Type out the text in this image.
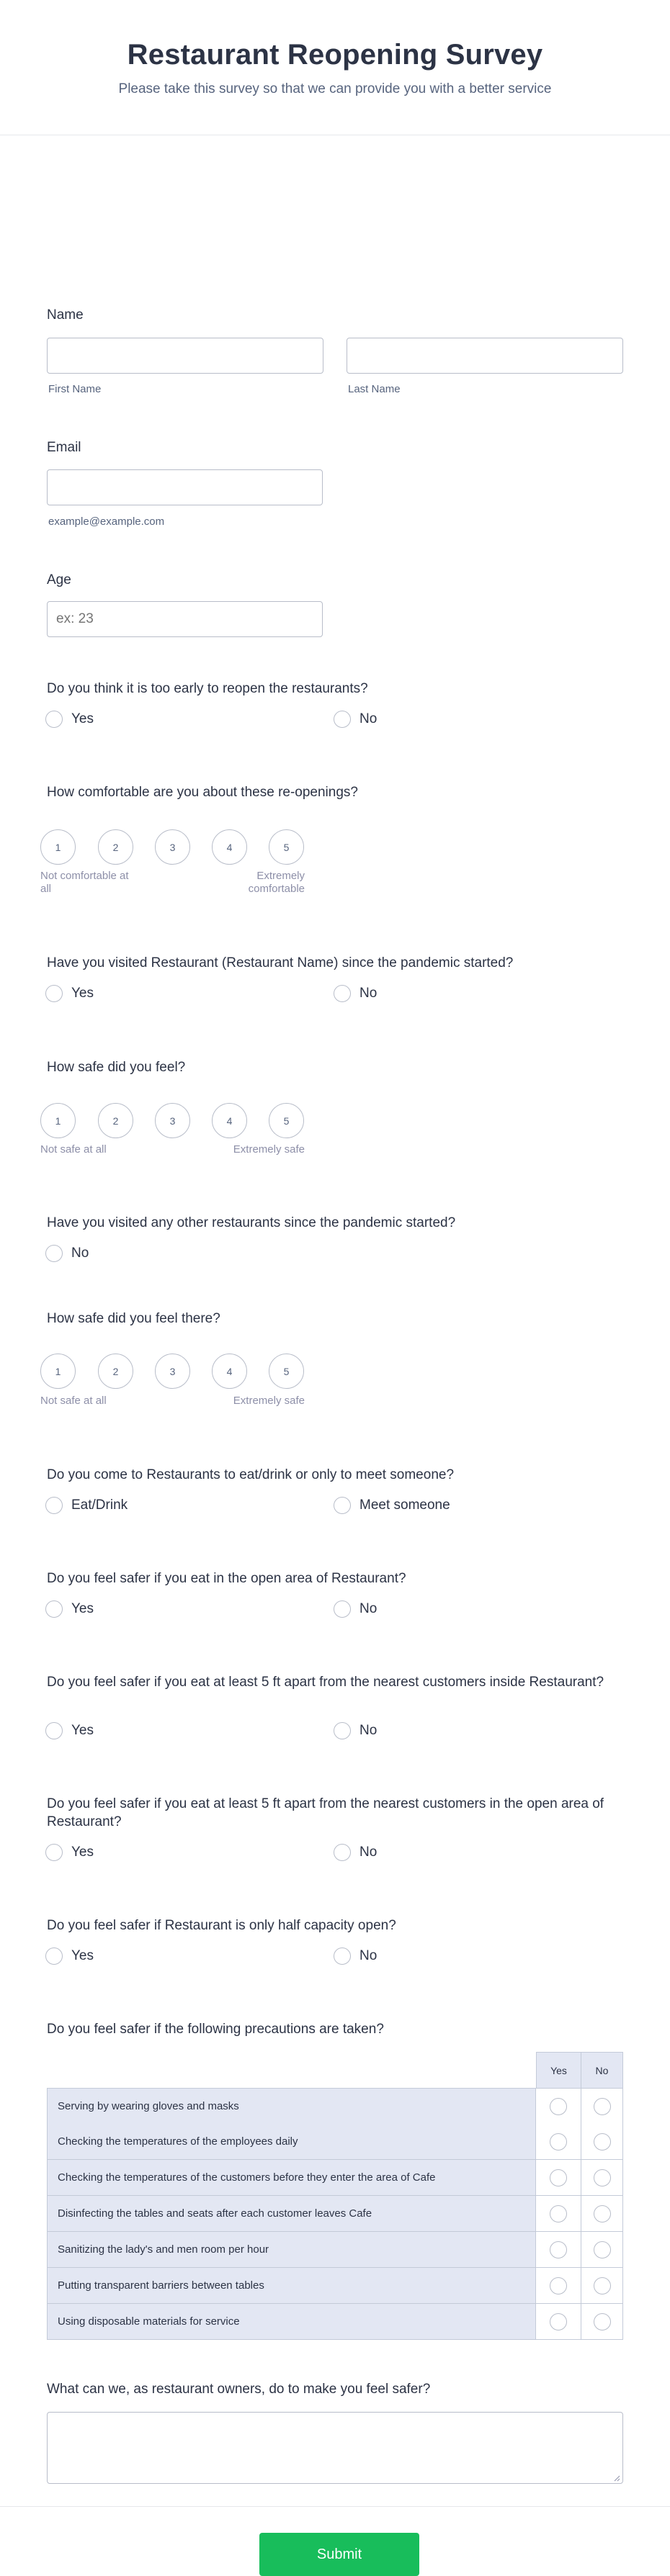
Restaurant Reopening Survey

Please take this survey so that we can provide you with a better service

Name
First Name	Last Name
Email
example@example.com
Age
ex: 23
Do you think it is too early to reopen the restaurants?
Yes	No
How comfortable are you about these re-openings?
1	2	3	4	5
Not comfortable at all
Extremely comfortable
Have you visited Restaurant (Restaurant Name) since the pandemic started?
Yes	No
How safe did you feel?
1	2	3	4	5
Not safe at all	Extremely safe
Have you visited any other restaurants since the pandemic started?
No
How safe did you feel there?
1	2	3	4	5
Not safe at all	Extremely safe
Do you come to Restaurants to eat/drink or only to meet someone?
Eat/Drink	Meet someone
Do you feel safer if you eat in the open area of Restaurant?
Yes	No
Do you feel safer if you eat at least 5 ft apart from the nearest customers inside Restaurant?
Yes	No
Do you feel safer if you eat at least 5 ft apart from the nearest customers in the open area of Restaurant?
Yes	No
Do you feel safer if Restaurant is only half capacity open?
Yes	No
Do you feel safer if the following precautions are taken?
Yes	No
Serving by wearing gloves and masks
Checking the temperatures of the employees daily
Checking the temperatures of the customers before they enter the area of Cafe
Disinfecting the tables and seats after each customer leaves Cafe
Sanitizing the lady's and men room per hour
Putting transparent barriers between tables
Using disposable materials for service
What can we, as restaurant owners, do to make you feel safer?
Submit
